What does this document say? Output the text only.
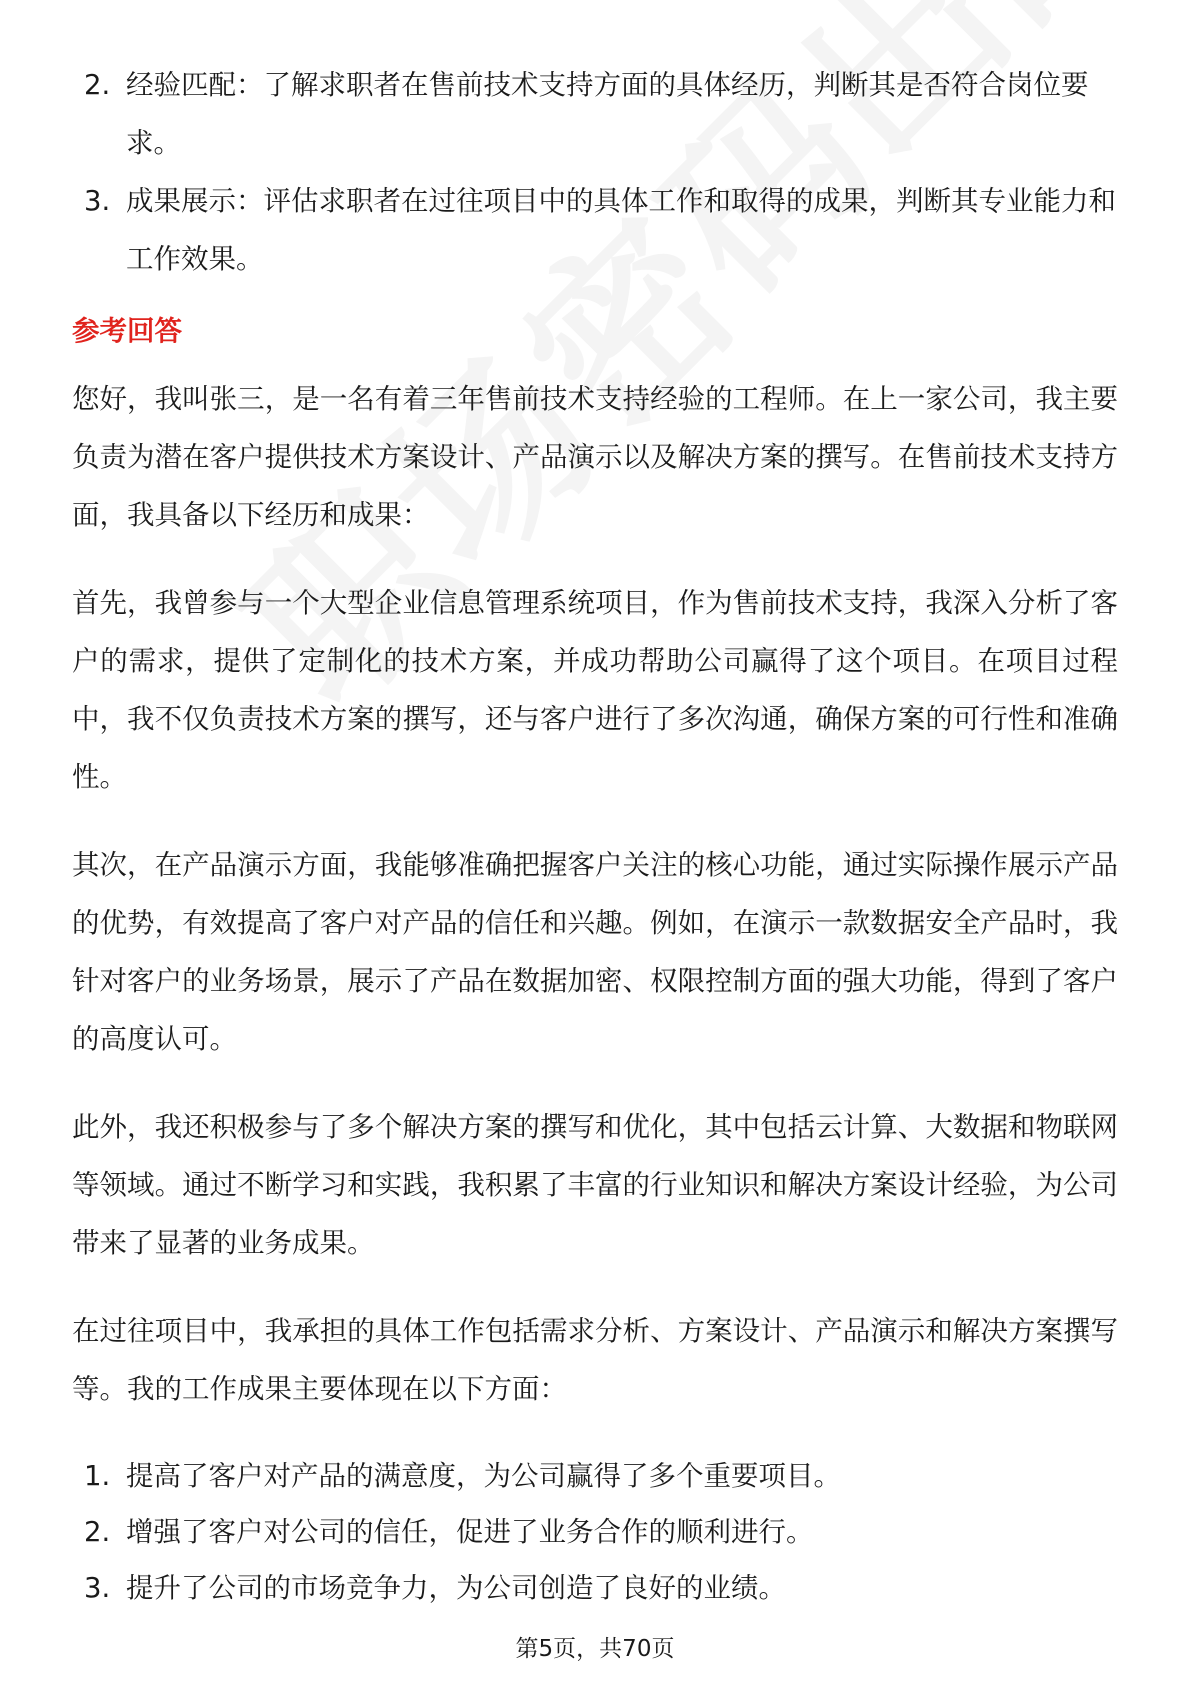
2. 经验匹配：了解求职者在售前技术支持方面的具体经历，判断其是否符合岗位要求。
3. 成果展示：评估求职者在过往项目中的具体工作和取得的成果，判断其专业能力和工作效果。
参考回答

您好，我叫张三，是一名有着三年售前技术支持经验的工程师。在上一家公司，我主要负责为潜在客户提供技术方案设计、产品演示以及解决方案的撰写。在售前技术支持方面，我具备以下经历和成果：

首先，我曾参与一个大型企业信息管理系统项目，作为售前技术支持，我深入分析了客户的需求，提供了定制化的技术方案，并成功帮助公司赢得了这个项目。在项目过程中，我不仅负责技术方案的撰写，还与客户进行了多次沟通，确保方案的可行性和准确性。

其次，在产品演示方面，我能够准确把握客户关注的核心功能，通过实际操作展示产品的优势，有效提高了客户对产品的信任和兴趣。例如，在演示一款数据安全产品时，我针对客户的业务场景，展示了产品在数据加密、权限控制方面的强大功能，得到了客户的高度认可。

此外，我还积极参与了多个解决方案的撰写和优化，其中包括云计算、大数据和物联网等领域。通过不断学习和实践，我积累了丰富的行业知识和解决方案设计经验，为公司带来了显著的业务成果。

在过往项目中，我承担的具体工作包括需求分析、方案设计、产品演示和解决方案撰写等。我的工作成果主要体现在以下方面：

1. 提高了客户对产品的满意度，为公司赢得了多个重要项目。
2. 增强了客户对公司的信任，促进了业务合作的顺利进行。
3. 提升了公司的市场竞争力，为公司创造了良好的业绩。
第5页，共70页
